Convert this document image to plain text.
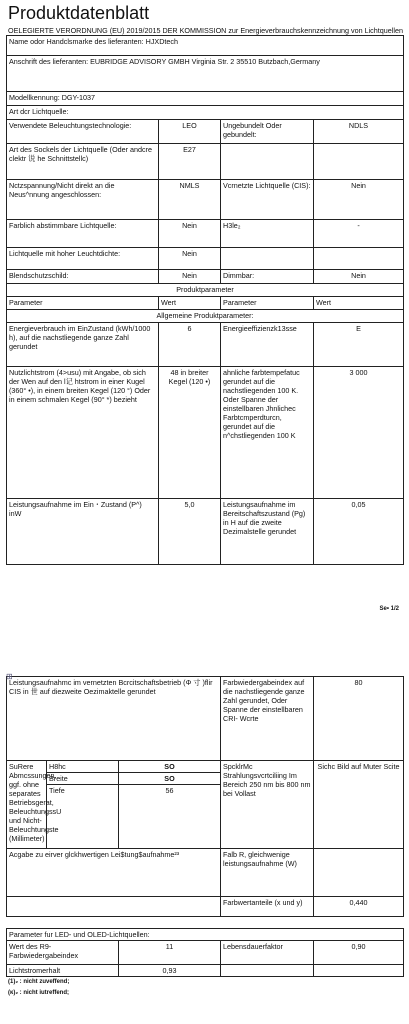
Produktdatenblatt
OELEGIERTE VERORDNUNG (EU) 2019/2015 DER KOMMISSION zur Energieverbrauchskennzeichnung von Lichtquellen
Name odor Handclsmarke des lieferanten: HJXDtech			
Anschrift des lieferanten: EUBRIDGE ADVISORY GMBH Virginia Str. 2 35510 Butzbach,Germany			
Modellkennung: DGY-1037			
Art dcr Lichtquelle:			
Verwendete Beleuchtungstechnologie:	LEO	Ungebundelt Oder gebundelt:	NDLS
Art des Sockels der Lichtquelle (Oder andcre clektr 说 he Schnittstellc)	E27		
Nctzspannung/Nicht direkt an die Neus^nnung angeschlossen:	NMLS	Vcrnetzte Lichtquelle (CIS):	Nein
Farblich abstimmbare Lichtquelle:	Nein	H3le₂	-
Lichtquelle mit hoher Leuchtdichte:	Nein		
Blendschutzschild:	Nein	Dimmbar:	Nein
Produktparameter			
Parameter	Wert	Parameter	Wert
Allgemeine Produktparameter:			
Energieverbrauch im EinZustand (kWh/1000 h), auf die nachstliegende ganze Zahl gerundet	6	Energieeffizienzk13sse	E
Nutzlichtstrom (4>usu) mit Angabe, ob sich der Wen auf den l记 htstrom in einer Kugel (360° •), in einem breiten Kegel (120 °) Oder in einem schmalen Kegel (90° *) bezieht	48 in breiter Kegel (120 •)	ahnliche farbtempefatuc gerundet auf die nachstliegenden 100 K. Oder Spanne der einstellbaren Jhnlichec Farbtcmperdturcn, gerundet auf die n^chstliegenden 100 K	3 000
Leistungsaufnahme im Ein・Zustand (P^) inW	5,0	Leistungsaufnahme im Bereitschaftszustand (Pg) in H auf die zweite Dezimalstelle gerundet	0,05
Se• 1/2
⊞
Leistungsaufnahmc im vernetzten Bcrcitschaftsbetrieb (Φ 寸 )flir CIS in 世 auf diezweite Oezimaktelle gerundet			Farbwiedergabeindex auf die nachstliegende ganze Zahl gerundet, Oder Spanne der einstellbaren CRI- Wcrte	80
SuRere Abmcssungen, ggf. ohne separates Betriebsgerat, BeleuchtungssU und Nicht-Beleuchtungste (Millimeter)	H8hc	SO	SpcklrMc Strahlungsvcrtciliing Im Bereich 250 nm bis 800 nm bei Vollast	Sichc Bild auf Muter Scite
	Breite	SO		
	Tiefe	56		
Acgabe zu eirver glckhwertigen Lei$tung$aufnahme²³			Falb R, gleichwenige leistungsaufnahme (W)	
			Farbwertanteile (x und y)	0,440

Parameter fur LED- und OLED-Lichtquellen:				
Wert des R9-Farbwiedergabeindex		11	Lebensdauerfaktor	0,90
Lichtstromerhalt		0,93		
(1)₂ : nicht zuveffend;
(ĸ)₂ : nicht iutreffend;
